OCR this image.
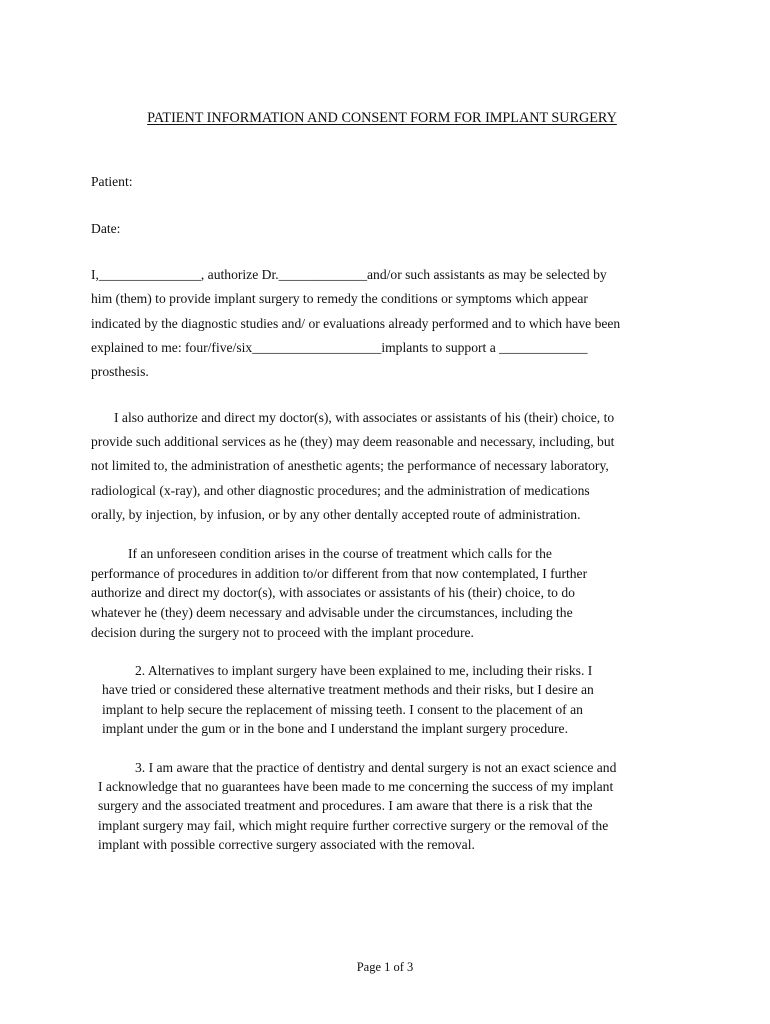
PATIENT INFORMATION AND CONSENT FORM FOR IMPLANT SURGERY
Patient:
Date:
I,_______________, authorize Dr._____________and/or such assistants as may be selected by
him (them) to provide implant surgery to remedy the conditions or symptoms which appear
indicated by the diagnostic studies and/ or evaluations already performed and to which have been
explained to me: four/five/six___________________implants to support a _____________
prosthesis.
I also authorize and direct my doctor(s), with associates or assistants of his (their) choice, to
provide such additional services as he (they) may deem reasonable and necessary, including, but
not limited to, the administration of anesthetic agents; the performance of necessary laboratory,
radiological (x-ray), and other diagnostic procedures; and the administration of medications
orally, by injection, by infusion, or by any other dentally accepted route of administration.
If an unforeseen condition arises in the course of treatment which calls for the
performance of procedures in addition to/or different from that now contemplated, I further
authorize and direct my doctor(s), with associates or assistants of his (their) choice, to do
whatever he (they) deem necessary and advisable under the circumstances, including the
decision during the surgery not to proceed with the implant procedure.
2. Alternatives to implant surgery have been explained to me, including their risks. I
have tried or considered these alternative treatment methods and their risks, but I desire an
implant to help secure the replacement of missing teeth. I consent to the placement of an
implant under the gum or in the bone and I understand the implant surgery procedure.
3. I am aware that the practice of dentistry and dental surgery is not an exact science and
I acknowledge that no guarantees have been made to me concerning the success of my implant
surgery and the associated treatment and procedures. I am aware that there is a risk that the
implant surgery may fail, which might require further corrective surgery or the removal of the
implant with possible corrective surgery associated with the removal.
Page 1 of 3
